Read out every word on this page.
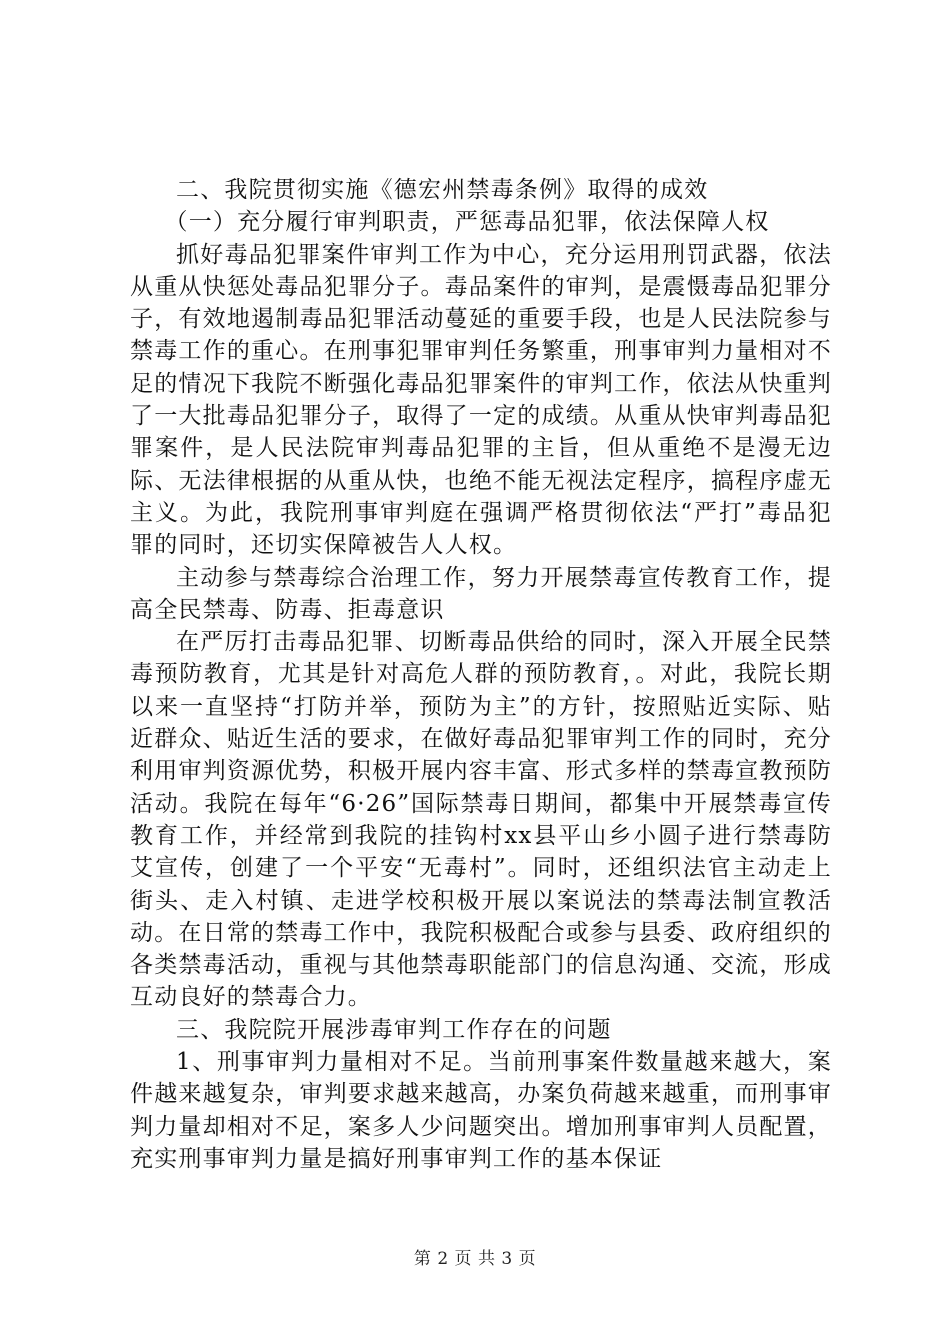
二、我院贯彻实施《德宏州禁毒条例》取得的成效

（一）充分履行审判职责，严惩毒品犯罪，依法保障人权

抓好毒品犯罪案件审判工作为中心，充分运用刑罚武器，依法从重从快惩处毒品犯罪分子。毒品案件的审判，是震慑毒品犯罪分子，有效地遏制毒品犯罪活动蔓延的重要手段，也是人民法院参与禁毒工作的重心。在刑事犯罪审判任务繁重，刑事审判力量相对不足的情况下我院不断强化毒品犯罪案件的审判工作，依法从快重判了一大批毒品犯罪分子，取得了一定的成绩。从重从快审判毒品犯罪案件，是人民法院审判毒品犯罪的主旨，但从重绝不是漫无边际、无法律根据的从重从快，也绝不能无视法定程序，搞程序虚无主义。为此，我院刑事审判庭在强调严格贯彻依法“严打”毒品犯罪的同时，还切实保障被告人人权。

主动参与禁毒综合治理工作，努力开展禁毒宣传教育工作，提高全民禁毒、防毒、拒毒意识

在严厉打击毒品犯罪、切断毒品供给的同时，深入开展全民禁毒预防教育，尤其是针对高危人群的预防教育，。对此，我院长期以来一直坚持“打防并举，预防为主”的方针，按照贴近实际、贴近群众、贴近生活的要求，在做好毒品犯罪审判工作的同时，充分利用审判资源优势，积极开展内容丰富、形式多样的禁毒宣教预防活动。我院在每年“6·26”国际禁毒日期间，都集中开展禁毒宣传教育工作，并经常到我院的挂钩村xx县平山乡小圆子进行禁毒防艾宣传，创建了一个平安“无毒村”。同时，还组织法官主动走上街头、走入村镇、走进学校积极开展以案说法的禁毒法制宣教活动。在日常的禁毒工作中，我院积极配合或参与县委、政府组织的各类禁毒活动，重视与其他禁毒职能部门的信息沟通、交流，形成互动良好的禁毒合力。

三、我院院开展涉毒审判工作存在的问题

1、刑事审判力量相对不足。当前刑事案件数量越来越大，案件越来越复杂，审判要求越来越高，办案负荷越来越重，而刑事审判力量却相对不足，案多人少问题突出。增加刑事审判人员配置，充实刑事审判力量是搞好刑事审判工作的基本保证

第 2 页 共 3 页
